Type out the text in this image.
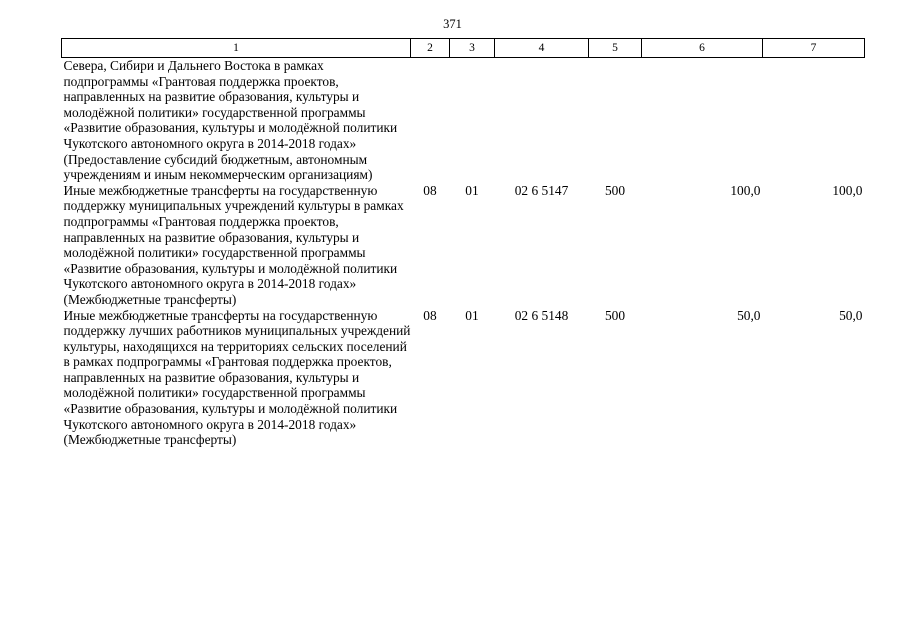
371
1	2	3	4	5	6	7
Севера, Сибири и Дальнего Востока в рамках подпрограммы «Грантовая поддержка проектов, направленных на развитие образования, культуры и молодёжной политики» государственной программы «Развитие образования, культуры и молодёжной политики Чукотского автономного округа в 2014-2018 годах» (Предоставление субсидий бюджетным, автономным учреждениям и иным некоммерческим организациям)						
Иные межбюджетные трансферты на государственную поддержку муниципальных учреждений культуры в рамках подпрограммы «Грантовая поддержка проектов, направленных на развитие образования, культуры и молодёжной политики» государственной программы «Развитие образования, культуры и молодёжной политики Чукотского автономного округа в 2014-2018 годах» (Межбюджетные трансферты)	08	01	02 6 5147	500	100,0	100,0
Иные межбюджетные трансферты на государственную поддержку лучших работников муниципальных учреждений культуры, находящихся на территориях сельских поселений в рамках подпрограммы «Грантовая поддержка проектов, направленных на развитие образования, культуры и молодёжной политики» государственной программы «Развитие образования, культуры и молодёжной политики Чукотского автономного округа в 2014-2018 годах» (Межбюджетные трансферты)	08	01	02 6 5148	500	50,0	50,0
